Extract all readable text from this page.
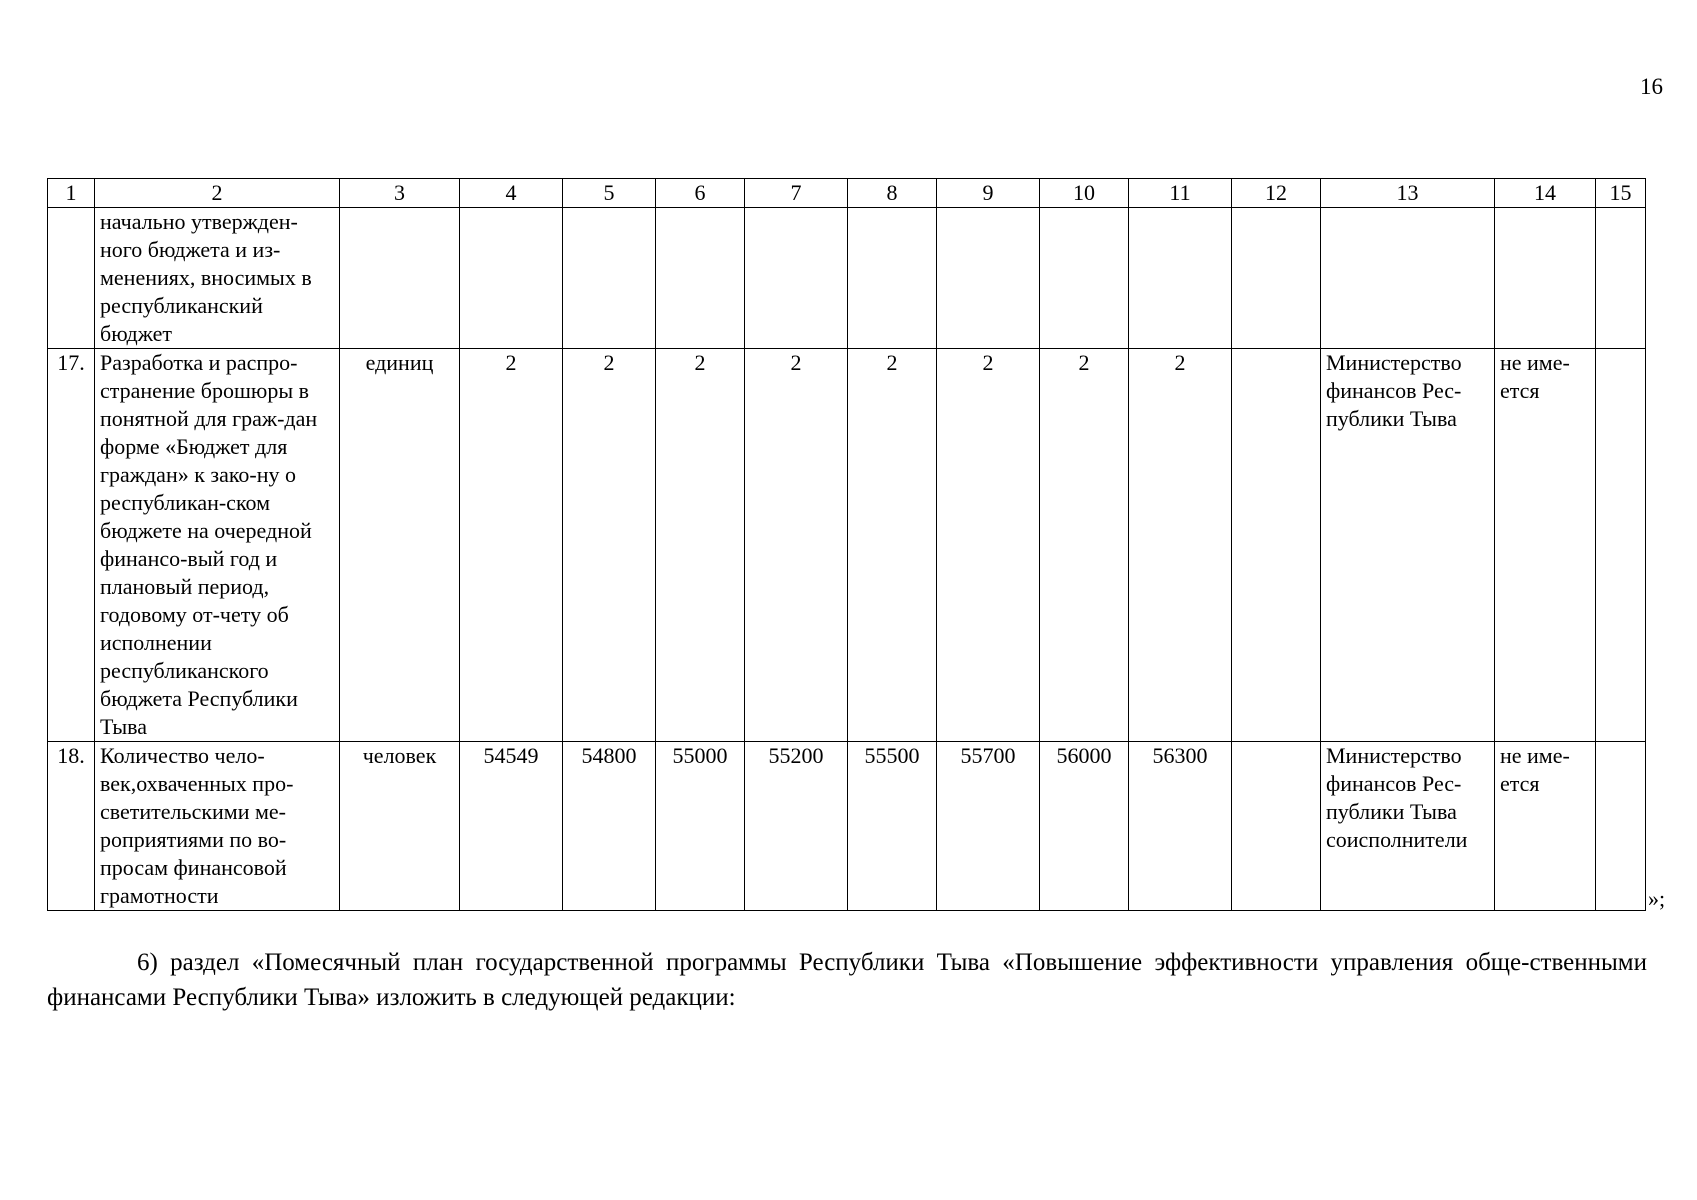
16
1	2	3	4	5	6	7	8	9	10	11	12	13	14	15
	начально утвержден-ного бюджета и из-менениях, вносимых в республиканский бюджет													
17.	Разработка и распро-странение брошюры в понятной для граж-дан форме «Бюджет для граждан» к зако-ну о республикан-ском бюджете на очередной финансо-вый год и плановый период, годовому от-чету об исполнении республиканского бюджета Республики Тыва	единиц	2	2	2	2	2	2	2	2		Министерство финансов Рес-публики Тыва	не име-ется	
18.	Количество чело-век,охваченных про-светительскими ме-роприятиями по во-просам финансовой грамотности	человек	54549	54800	55000	55200	55500	55700	56000	56300		Министерство финансов Рес-публики Тыва соисполнители	не име-ется	
»;

6) раздел «Помесячный план государственной программы Республики Тыва «Повышение эффективности управления обще-ственными финансами Республики Тыва» изложить в следующей редакции:
